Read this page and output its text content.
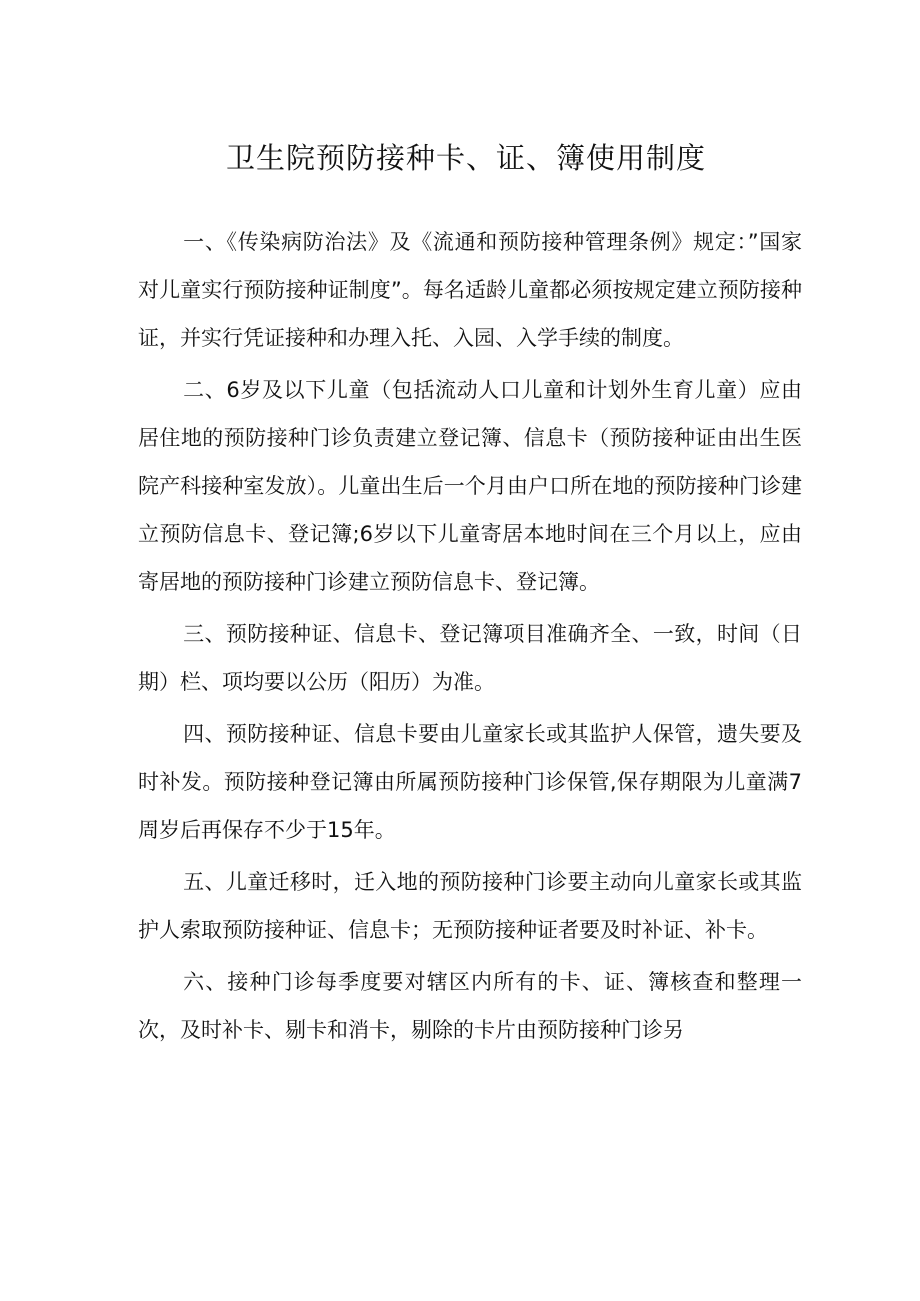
卫生院预防接种卡、证、簿使用制度

一、《传染病防治法》及《流通和预防接种管理条例》规定：”国家对儿童实行预防接种证制度”。每名适龄儿童都必须按规定建立预防接种证，并实行凭证接种和办理入托、入园、入学手续的制度。

二、6岁及以下儿童（包括流动人口儿童和计划外生育儿童）应由居住地的预防接种门诊负责建立登记簿、信息卡（预防接种证由出生医院产科接种室发放）。儿童出生后一个月由户口所在地的预防接种门诊建立预防信息卡、登记簿;6岁以下儿童寄居本地时间在三个月以上，应由寄居地的预防接种门诊建立预防信息卡、登记簿。

三、预防接种证、信息卡、登记簿项目准确齐全、一致，时间（日期）栏、项均要以公历（阳历）为准。

四、预防接种证、信息卡要由儿童家长或其监护人保管，遗失要及时补发。预防接种登记簿由所属预防接种门诊保管,保存期限为儿童满7周岁后再保存不少于15年。

五、儿童迁移时，迁入地的预防接种门诊要主动向儿童家长或其监护人索取预防接种证、信息卡；无预防接种证者要及时补证、补卡。

六、接种门诊每季度要对辖区内所有的卡、证、簿核查和整理一次，及时补卡、剔卡和消卡，剔除的卡片由预防接种门诊另
